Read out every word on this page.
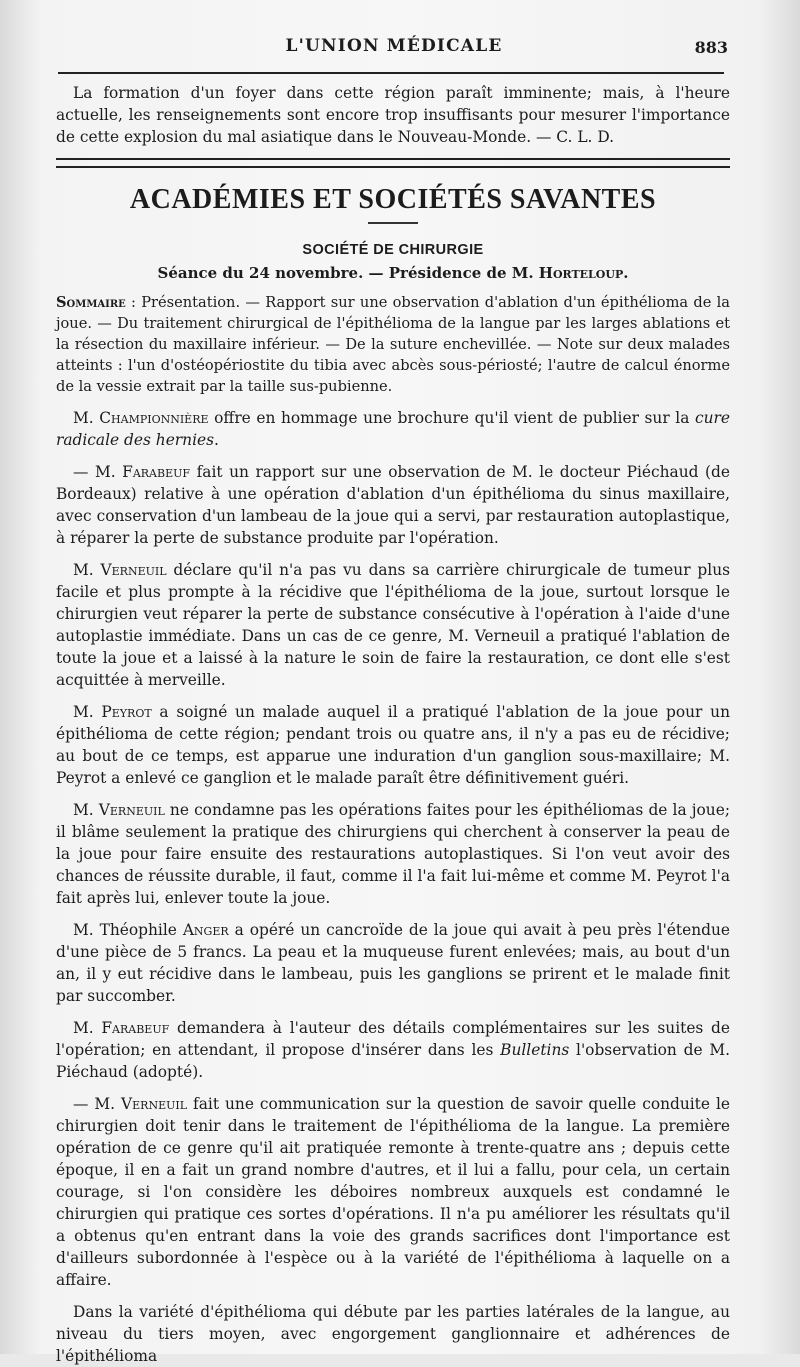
L'UNION MÉDICALE	883

La formation d'un foyer dans cette région paraît imminente; mais, à l'heure actuelle, les renseignements sont encore trop insuffisants pour mesurer l'importance de cette explosion du mal asiatique dans le Nouveau-Monde. — C. L. D.

ACADÉMIES ET SOCIÉTÉS SAVANTES
SOCIÉTÉ DE CHIRURGIE
Séance du 24 novembre. — Présidence de M. Horteloup.

Sommaire : Présentation. — Rapport sur une observation d'ablation d'un épithélioma de la joue. — Du traitement chirurgical de l'épithélioma de la langue par les larges ablations et la résection du maxillaire inférieur. — De la suture enchevillée. — Note sur deux malades atteints : l'un d'ostéopériostite du tibia avec abcès sous-périosté; l'autre de calcul énorme de la vessie extrait par la taille sus-pubienne.

M. Championnière offre en hommage une brochure qu'il vient de publier sur la cure radicale des hernies.

— M. Farabeuf fait un rapport sur une observation de M. le docteur Piéchaud (de Bordeaux) relative à une opération d'ablation d'un épithélioma du sinus maxillaire, avec conservation d'un lambeau de la joue qui a servi, par restauration autoplastique, à réparer la perte de substance produite par l'opération.

M. Verneuil déclare qu'il n'a pas vu dans sa carrière chirurgicale de tumeur plus facile et plus prompte à la récidive que l'épithélioma de la joue, surtout lorsque le chirurgien veut réparer la perte de substance consécutive à l'opération à l'aide d'une autoplastie immédiate. Dans un cas de ce genre, M. Verneuil a pratiqué l'ablation de toute la joue et a laissé à la nature le soin de faire la restauration, ce dont elle s'est acquittée à merveille.

M. Peyrot a soigné un malade auquel il a pratiqué l'ablation de la joue pour un épithélioma de cette région; pendant trois ou quatre ans, il n'y a pas eu de récidive; au bout de ce temps, est apparue une induration d'un ganglion sous-maxillaire; M. Peyrot a enlevé ce ganglion et le malade paraît être définitivement guéri.

M. Verneuil ne condamne pas les opérations faites pour les épithéliomas de la joue; il blâme seulement la pratique des chirurgiens qui cherchent à conserver la peau de la joue pour faire ensuite des restaurations autoplastiques. Si l'on veut avoir des chances de réussite durable, il faut, comme il l'a fait lui-même et comme M. Peyrot l'a fait après lui, enlever toute la joue.

M. Théophile Anger a opéré un cancroïde de la joue qui avait à peu près l'étendue d'une pièce de 5 francs. La peau et la muqueuse furent enlevées; mais, au bout d'un an, il y eut récidive dans le lambeau, puis les ganglions se prirent et le malade finit par succomber.

M. Farabeuf demandera à l'auteur des détails complémentaires sur les suites de l'opération; en attendant, il propose d'insérer dans les Bulletins l'observation de M. Piéchaud (adopté).

— M. Verneuil fait une communication sur la question de savoir quelle conduite le chirurgien doit tenir dans le traitement de l'épithélioma de la langue. La première opération de ce genre qu'il ait pratiquée remonte à trente-quatre ans ; depuis cette époque, il en a fait un grand nombre d'autres, et il lui a fallu, pour cela, un certain courage, si l'on considère les déboires nombreux auxquels est condamné le chirurgien qui pratique ces sortes d'opérations. Il n'a pu améliorer les résultats qu'il a obtenus qu'en entrant dans la voie des grands sacrifices dont l'importance est d'ailleurs subordonnée à l'espèce ou à la variété de l'épithélioma à laquelle on a affaire.

Dans la variété d'épithélioma qui débute par les parties latérales de la langue, au niveau du tiers moyen, avec engorgement ganglionnaire et adhérences de l'épithélioma
